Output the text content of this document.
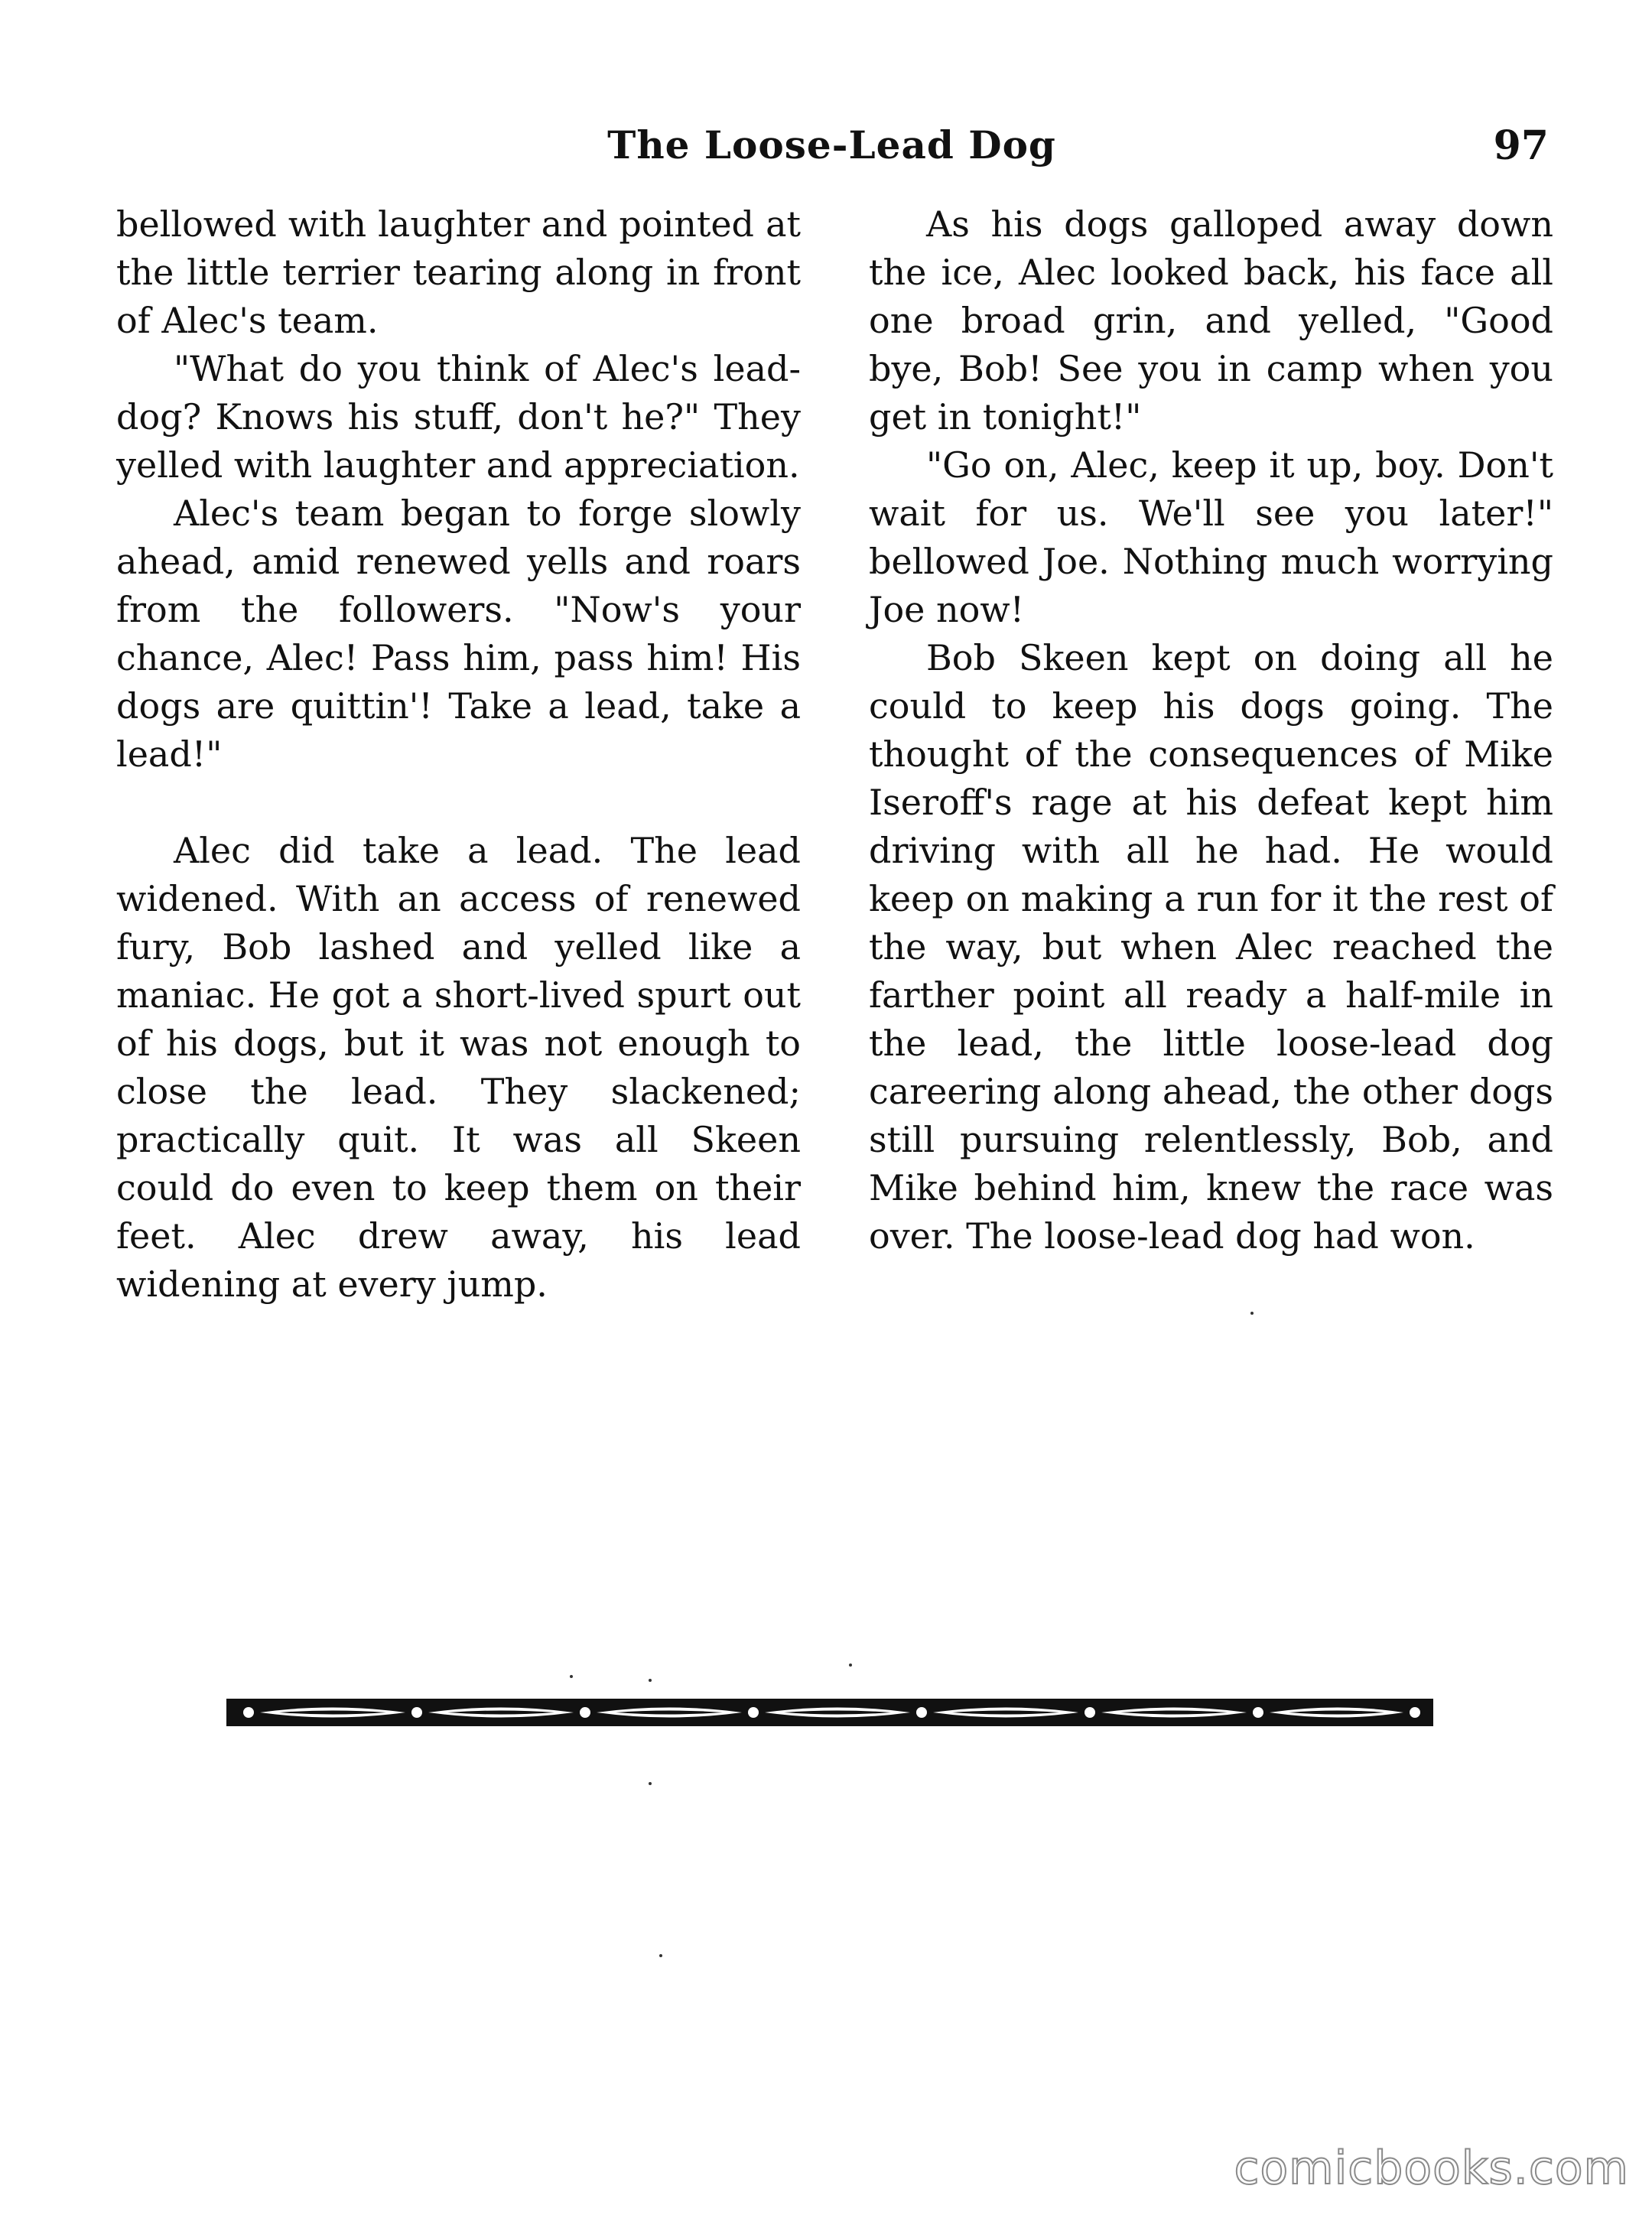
The Loose-Lead Dog	97

bellowed with laughter and pointed at the little terrier tearing along in front of Alec's team.

"What do you think of Alec's lead-dog? Knows his stuff, don't he?" They yelled with laughter and appreciation.

Alec's team began to forge slowly ahead, amid renewed yells and roars from the followers. "Now's your chance, Alec! Pass him, pass him! His dogs are quittin'! Take a lead, take a lead!"

Alec did take a lead. The lead widened. With an access of renewed fury, Bob lashed and yelled like a maniac. He got a short-lived spurt out of his dogs, but it was not enough to close the lead. They slackened; practically quit. It was all Skeen could do even to keep them on their feet. Alec drew away, his lead widening at every jump.

As his dogs galloped away down the ice, Alec looked back, his face all one broad grin, and yelled, "Good bye, Bob! See you in camp when you get in tonight!"

"Go on, Alec, keep it up, boy. Don't wait for us. We'll see you later!" bellowed Joe. Nothing much worrying Joe now!

Bob Skeen kept on doing all he could to keep his dogs going. The thought of the consequences of Mike Iseroff's rage at his defeat kept him driving with all he had. He would keep on making a run for it the rest of the way, but when Alec reached the farther point all ready a half-mile in the lead, the little loose-lead dog careering along ahead, the other dogs still pursuing relentlessly, Bob, and Mike behind him, knew the race was over. The loose-lead dog had won.

comicbooks.com
